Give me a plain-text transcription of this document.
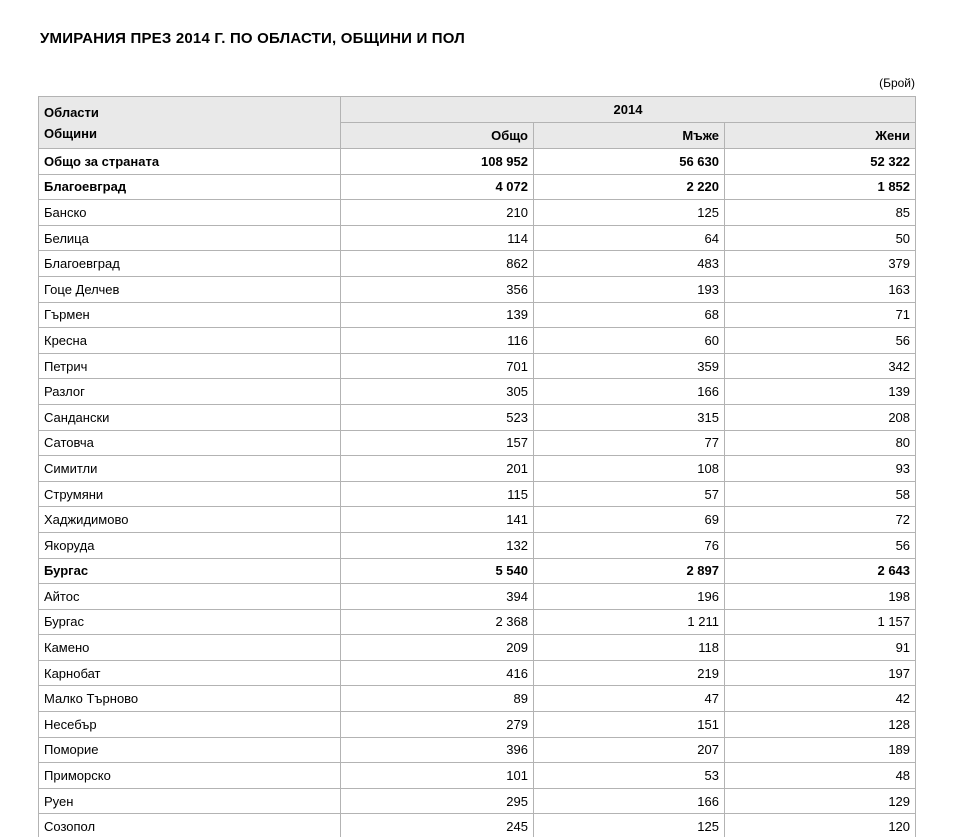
УМИРАНИЯ ПРЕЗ 2014 Г. ПО ОБЛАСТИ, ОБЩИНИ И ПОЛ
(Брой)
Области
Общини	2014		
	Общо	Мъже	Жени
Общо за страната	108 952	56 630	52 322
Благоевград	4 072	2 220	1 852
Банско	210	125	85
Белица	114	64	50
Благоевград	862	483	379
Гоце Делчев	356	193	163
Гърмен	139	68	71
Кресна	116	60	56
Петрич	701	359	342
Разлог	305	166	139
Сандански	523	315	208
Сатовча	157	77	80
Симитли	201	108	93
Струмяни	115	57	58
Хаджидимово	141	69	72
Якоруда	132	76	56
Бургас	5 540	2 897	2 643
Айтос	394	196	198
Бургас	2 368	1 211	1 157
Камено	209	118	91
Карнобат	416	219	197
Малко Търново	89	47	42
Несебър	279	151	128
Поморие	396	207	189
Приморско	101	53	48
Руен	295	166	129
Созопол	245	125	120
